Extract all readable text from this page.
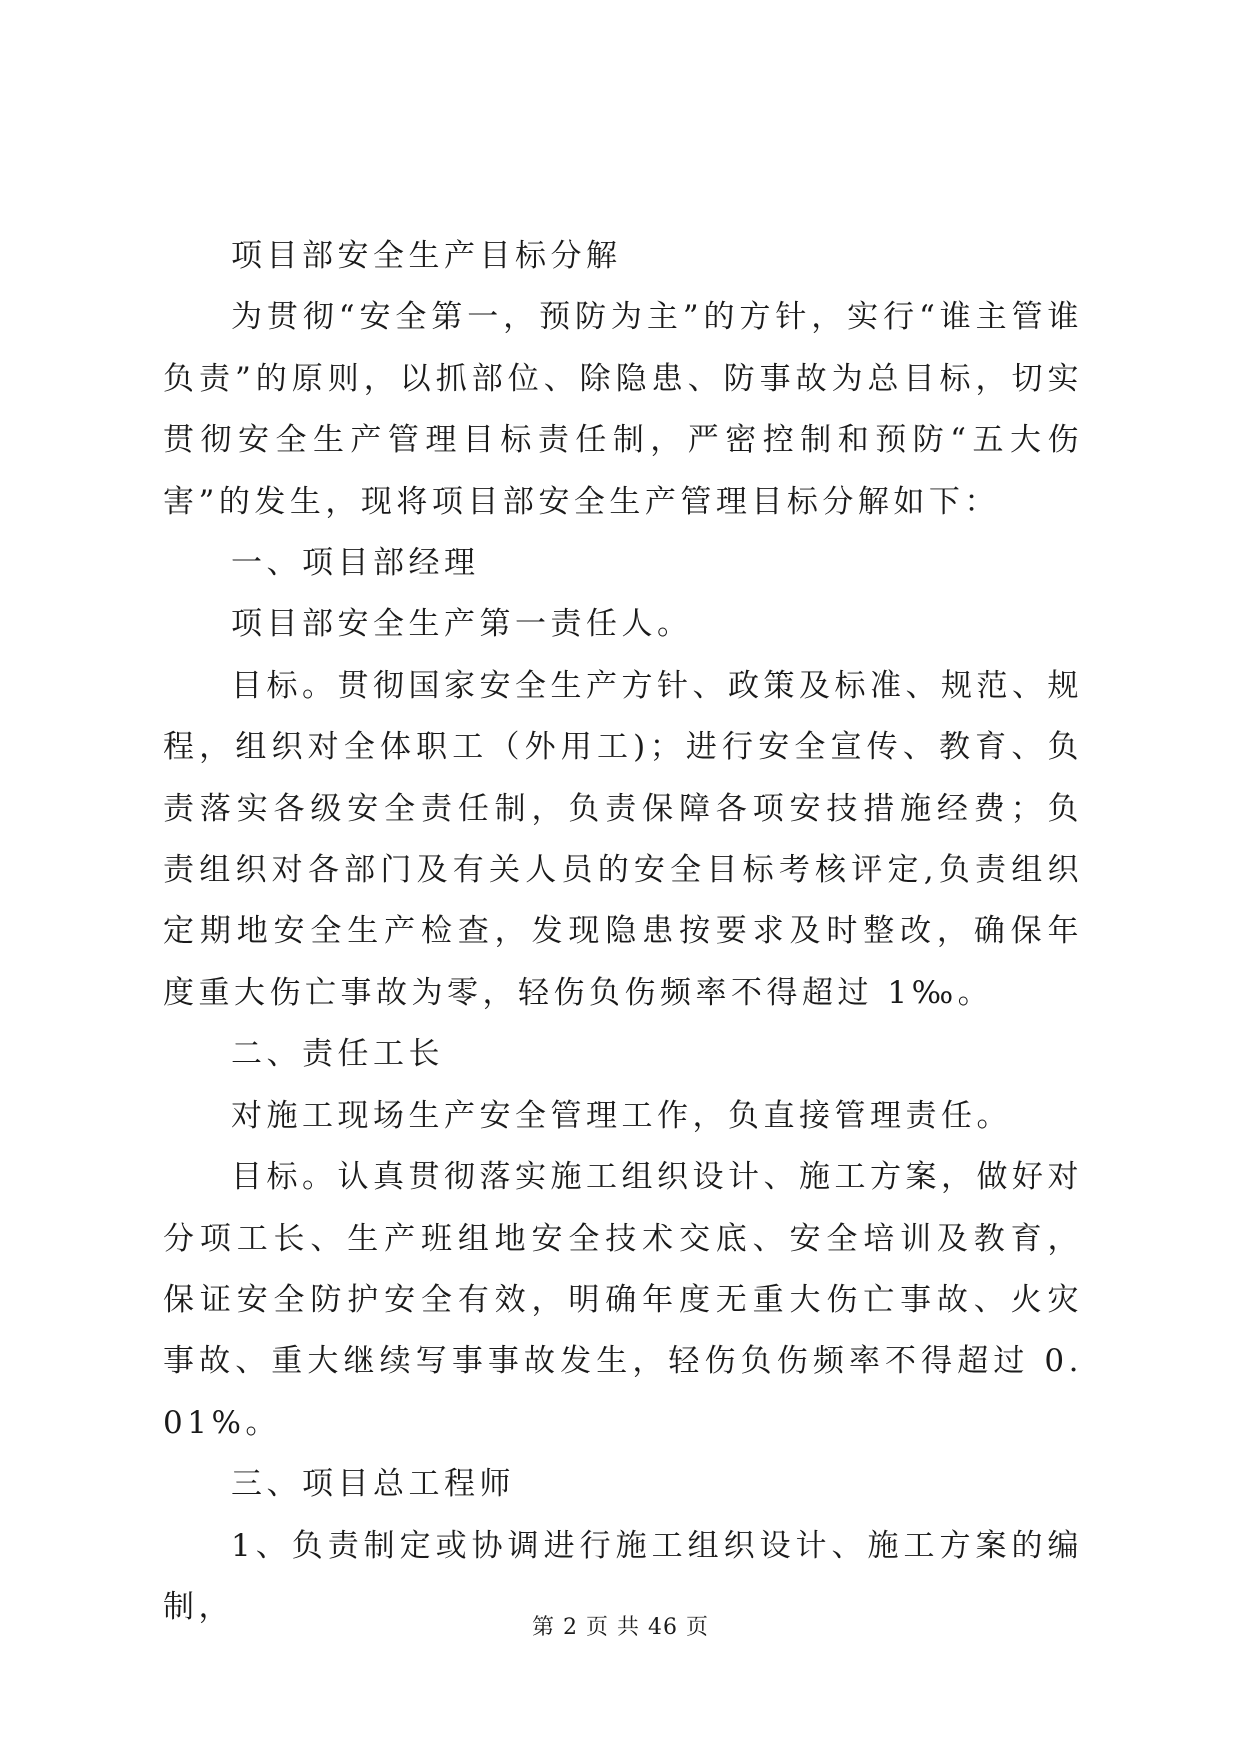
项目部安全生产目标分解

为贯彻“安全第一，预防为主”的方针，实行“谁主管谁负责”的原则，以抓部位、除隐患、防事故为总目标，切实贯彻安全生产管理目标责任制，严密控制和预防“五大伤害”的发生，现将项目部安全生产管理目标分解如下：

一、项目部经理

项目部安全生产第一责任人。

目标。贯彻国家安全生产方针、政策及标准、规范、规程，组织对全体职工（外用工)；进行安全宣传、教育、负责落实各级安全责任制，负责保障各项安技措施经费；负责组织对各部门及有关人员的安全目标考核评定,负责组织定期地安全生产检查，发现隐患按要求及时整改，确保年度重大伤亡事故为零，轻伤负伤频率不得超过 1‰。

二、责任工长

对施工现场生产安全管理工作，负直接管理责任。

目标。认真贯彻落实施工组织设计、施工方案，做好对分项工长、生产班组地安全技术交底、安全培训及教育，保证安全防护安全有效，明确年度无重大伤亡事故、火灾事故、重大继续写事事故发生，轻伤负伤频率不得超过 0.01%。

三、项目总工程师

1、负责制定或协调进行施工组织设计、施工方案的编制，

第 2 页 共 46 页
